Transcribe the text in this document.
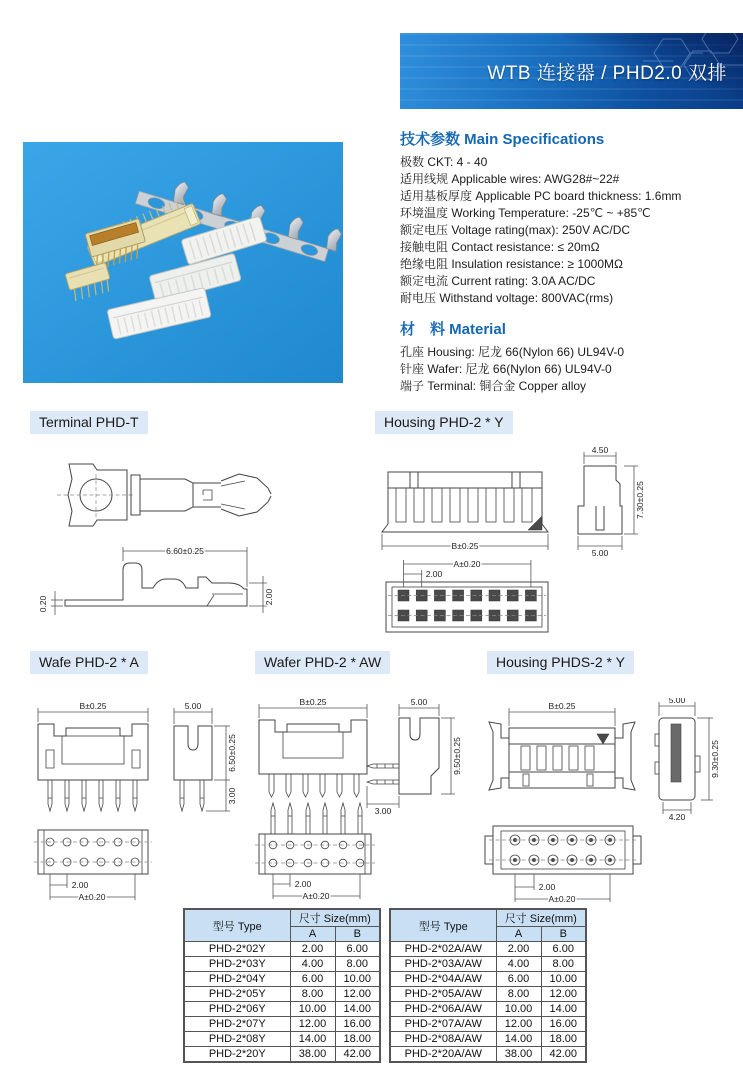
WTB 连接器 / PHD2.0 双排
技术参数 Main Specifications
极数 CKT: 4 - 40
适用线规 Applicable wires: AWG28#~22#
适用基板厚度 Applicable PC board thickness: 1.6mm
环境温度 Working Temperature: -25℃ ~ +85℃
额定电压 Voltage rating(max): 250V AC/DC
接触电阻 Contact resistance: ≤ 20mΩ
绝缘电阻 Insulation resistance: ≥ 1000MΩ
额定电流 Current rating: 3.0A AC/DC
耐电压 Withstand voltage: 800VAC(rms)
材　料 Material
孔座 Housing: 尼龙 66(Nylon 66) UL94V-0
针座 Wafer: 尼龙 66(Nylon 66) UL94V-0
端子 Terminal: 铜合金 Copper alloy
Terminal PHD-T	Housing PHD-2 * Y
Wafe PHD-2 * A	Wafer PHD-2 * AW	Housing PHDS-2 * Y
6.60±0.25
2.00
0.20
B±0.25
4.50
7.30±0.25
5.00
A±0.20
2.00
B±0.25	5.00
6.50±0.25
3.00
2.00
A±0.20
B±0.25	5.00
9.50±0.25
3.00
2.00
A±0.20
B±0.25
5.00
9.30±0.25
4.20
2.00
A±0.20
型号 Type	尺寸 Size(mm)	
	A	B
PHD-2*02Y	2.00	6.00
PHD-2*03Y	4.00	8.00
PHD-2*04Y	6.00	10.00
PHD-2*05Y	8.00	12.00
PHD-2*06Y	10.00	14.00
PHD-2*07Y	12.00	16.00
PHD-2*08Y	14.00	18.00
PHD-2*20Y	38.00	42.00
型号 Type	尺寸 Size(mm)	
	A	B
PHD-2*02A/AW	2.00	6.00
PHD-2*03A/AW	4.00	8.00
PHD-2*04A/AW	6.00	10.00
PHD-2*05A/AW	8.00	12.00
PHD-2*06A/AW	10.00	14.00
PHD-2*07A/AW	12.00	16.00
PHD-2*08A/AW	14.00	18.00
PHD-2*20A/AW	38.00	42.00
